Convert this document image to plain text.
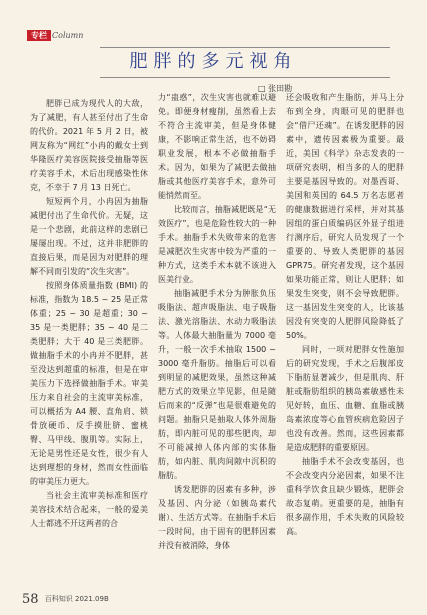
专栏 Column
肥胖的多元视角
□ 张田勘

肥胖已成为现代人的大敌，为了减肥，有人甚至付出了生命的代价。2021 年 5 月 2 日，被网友称为“网红”小冉的戴女士到华隆医疗美容医院接受抽脂等医疗美容手术，术后出现感染性休克，不幸于 7 月 13 日死亡。

短短两个月，小冉因为抽脂减肥付出了生命代价。无疑，这是一个悲剧，此前这样的悲剧已屡屡出现。不过，这并非肥胖的直接后果，而是因为对肥胖的理解不同而引发的“次生灾害”。

按照身体质量指数 (BMI) 的标准，指数为 18.5 ~ 25 是正常体重；25 ~ 30 是超重；30 ~ 35 是一类肥胖；35 ~ 40 是二类肥胖；大于 40 是三类肥胖。做抽脂手术的小冉并不肥胖，甚至没达到超重的标准，但是在审美压力下选择做抽脂手术。审美压力来自社会的主流审美标准，可以概括为 A4 腰、直角肩、锁骨放硬币、反手摸肚脐、蜜桃臀、马甲线、腹肌等。实际上，无论是男性还是女性，很少有人达到理想的身材，然而女性面临的审美压力更大。

当社会主流审美标准和医疗美容技术结合起来，一般的爱美人士都逃不开这两者的合

力“蛊惑”，次生灾害也就难以避免。即便身材瘦削，虽然看上去不符合主流审美，但是身体健康，不影响正常生活，也不妨碍职业发展，根本不必做抽脂手术。因为，如果为了减肥去做抽脂或其他医疗美容手术，意外可能悄然而至。

比较而言，抽脂减肥既是“无效医疗”，也是危险性较大的一种手术。抽脂手术失败带来的危害是减肥次生灾害中较为严重的一种方式，这类手术本就不该进入医美行业。

抽脂减肥手术分为肿胀负压吸脂法、超声吸脂法、电子吸脂法、激光溶脂法、水动力吸脂法等。人体最大抽脂量为 7000 毫升，一般一次手术抽取 1500 ~ 3000 毫升脂肪。抽脂后可以看到明显的减肥效果，虽然这种减肥方式的效果立竿见影，但是随后而来的“反弹”也是很难避免的问题。抽脂只是抽取人体外周脂肪，即内脏可见的那些肥肉，却不可能减掉人体内部的实体脂肪，如内脏、肌肉间隙中沉积的脂肪。

诱发肥胖的因素有多种，涉及基因、内分泌（如胰岛素代谢）、生活方式等。在抽脂手术后一段时间，由于固有的肥胖因素并没有被消除，身体

还会吸收和产生脂肪，并马上分布到全身，肉眼可见的肥胖也会“借尸还魂”。在诱发肥胖的因素中，遗传因素极为重要。最近，美国《科学》杂志发表的一项研究表明，相当多的人的肥胖主要是基因导致的。对墨西哥、美国和英国的 64.5 万名志愿者的健康数据进行采样，并对其基因组的蛋白质编码区外显子组进行测序后，研究人员发现了一个重要的、导致人类肥胖的基因 GPR75。研究者发现，这个基因如果功能正常，则让人肥胖；如果发生突变，则不会导致肥胖。这一基因发生突变的人，比该基因没有突变的人肥胖风险降低了 50%。

同时，一项对肥胖女性施加后的研究发现，手术之后腹部皮下脂肪显著减少，但是肌肉、肝脏或脂肪组织的胰岛素敏感性未见好转，血压、血糖、血脂或胰岛素浓度等心血管疾病危险因子也没有改善。然而，这些因素都是造成肥胖的重要原因。

抽脂手术不会改变基因，也不会改变内分泌因素，如果不注重科学饮食且缺少锻炼，肥胖会故态复萌。更重要的是，抽脂有很多副作用，手术失败的风险较高。

58 百科知识 2021.09B
